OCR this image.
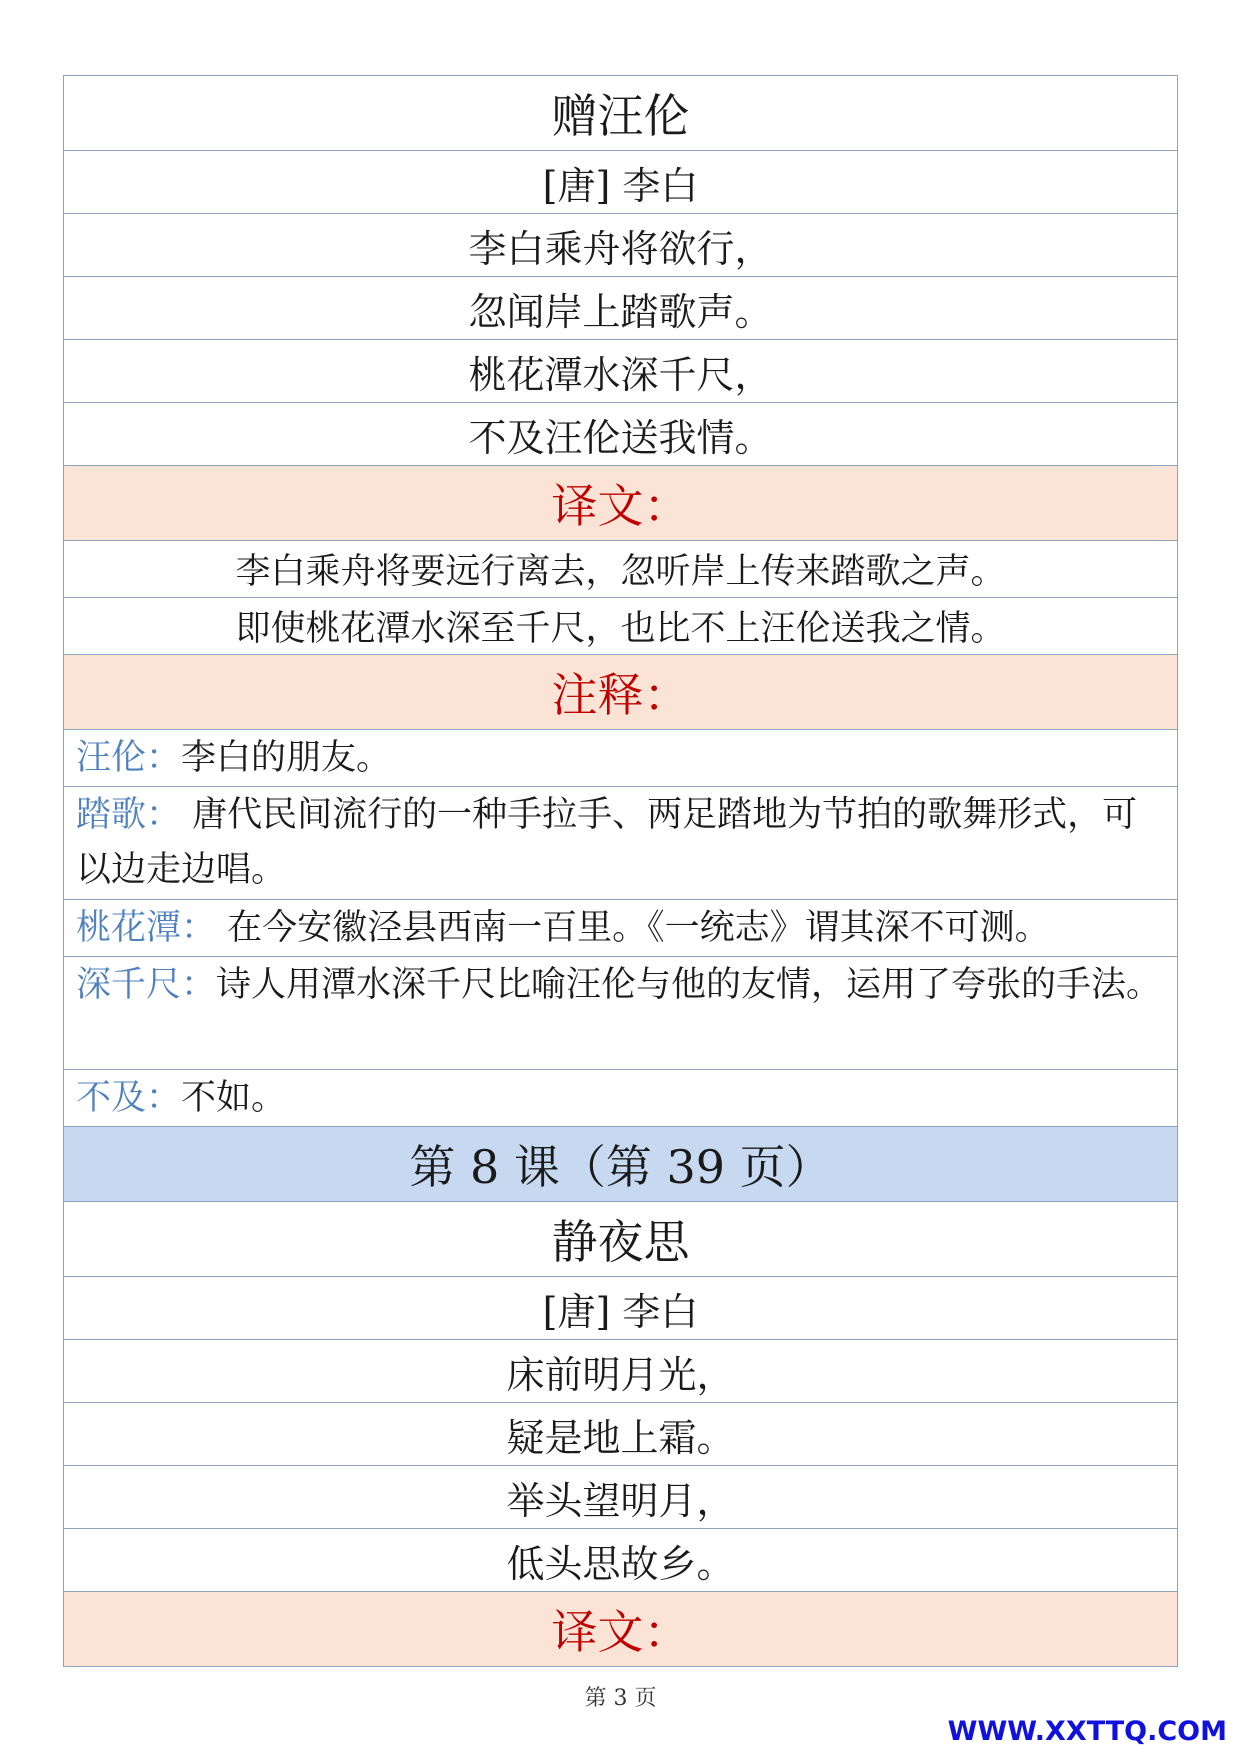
赠汪伦
[唐] 李白
李白乘舟将欲行，
忽闻岸上踏歌声。
桃花潭水深千尺，
不及汪伦送我情。
译文：
李白乘舟将要远行离去，忽听岸上传来踏歌之声。
即使桃花潭水深至千尺，也比不上汪伦送我之情。
注释：
汪伦：李白的朋友。
踏歌： 唐代民间流行的一种手拉手、两足踏地为节拍的歌舞形式，可以边走边唱。
桃花潭： 在今安徽泾县西南一百里。《一统志》谓其深不可测。
深千尺：诗人用潭水深千尺比喻汪伦与他的友情，运用了夸张的手法。
不及：不如。
第 8 课（第 39 页）
静夜思
[唐] 李白
床前明月光，
疑是地上霜。
举头望明月，
低头思故乡。
译文：
第 3 页
WWW.XXTTQ.COM
